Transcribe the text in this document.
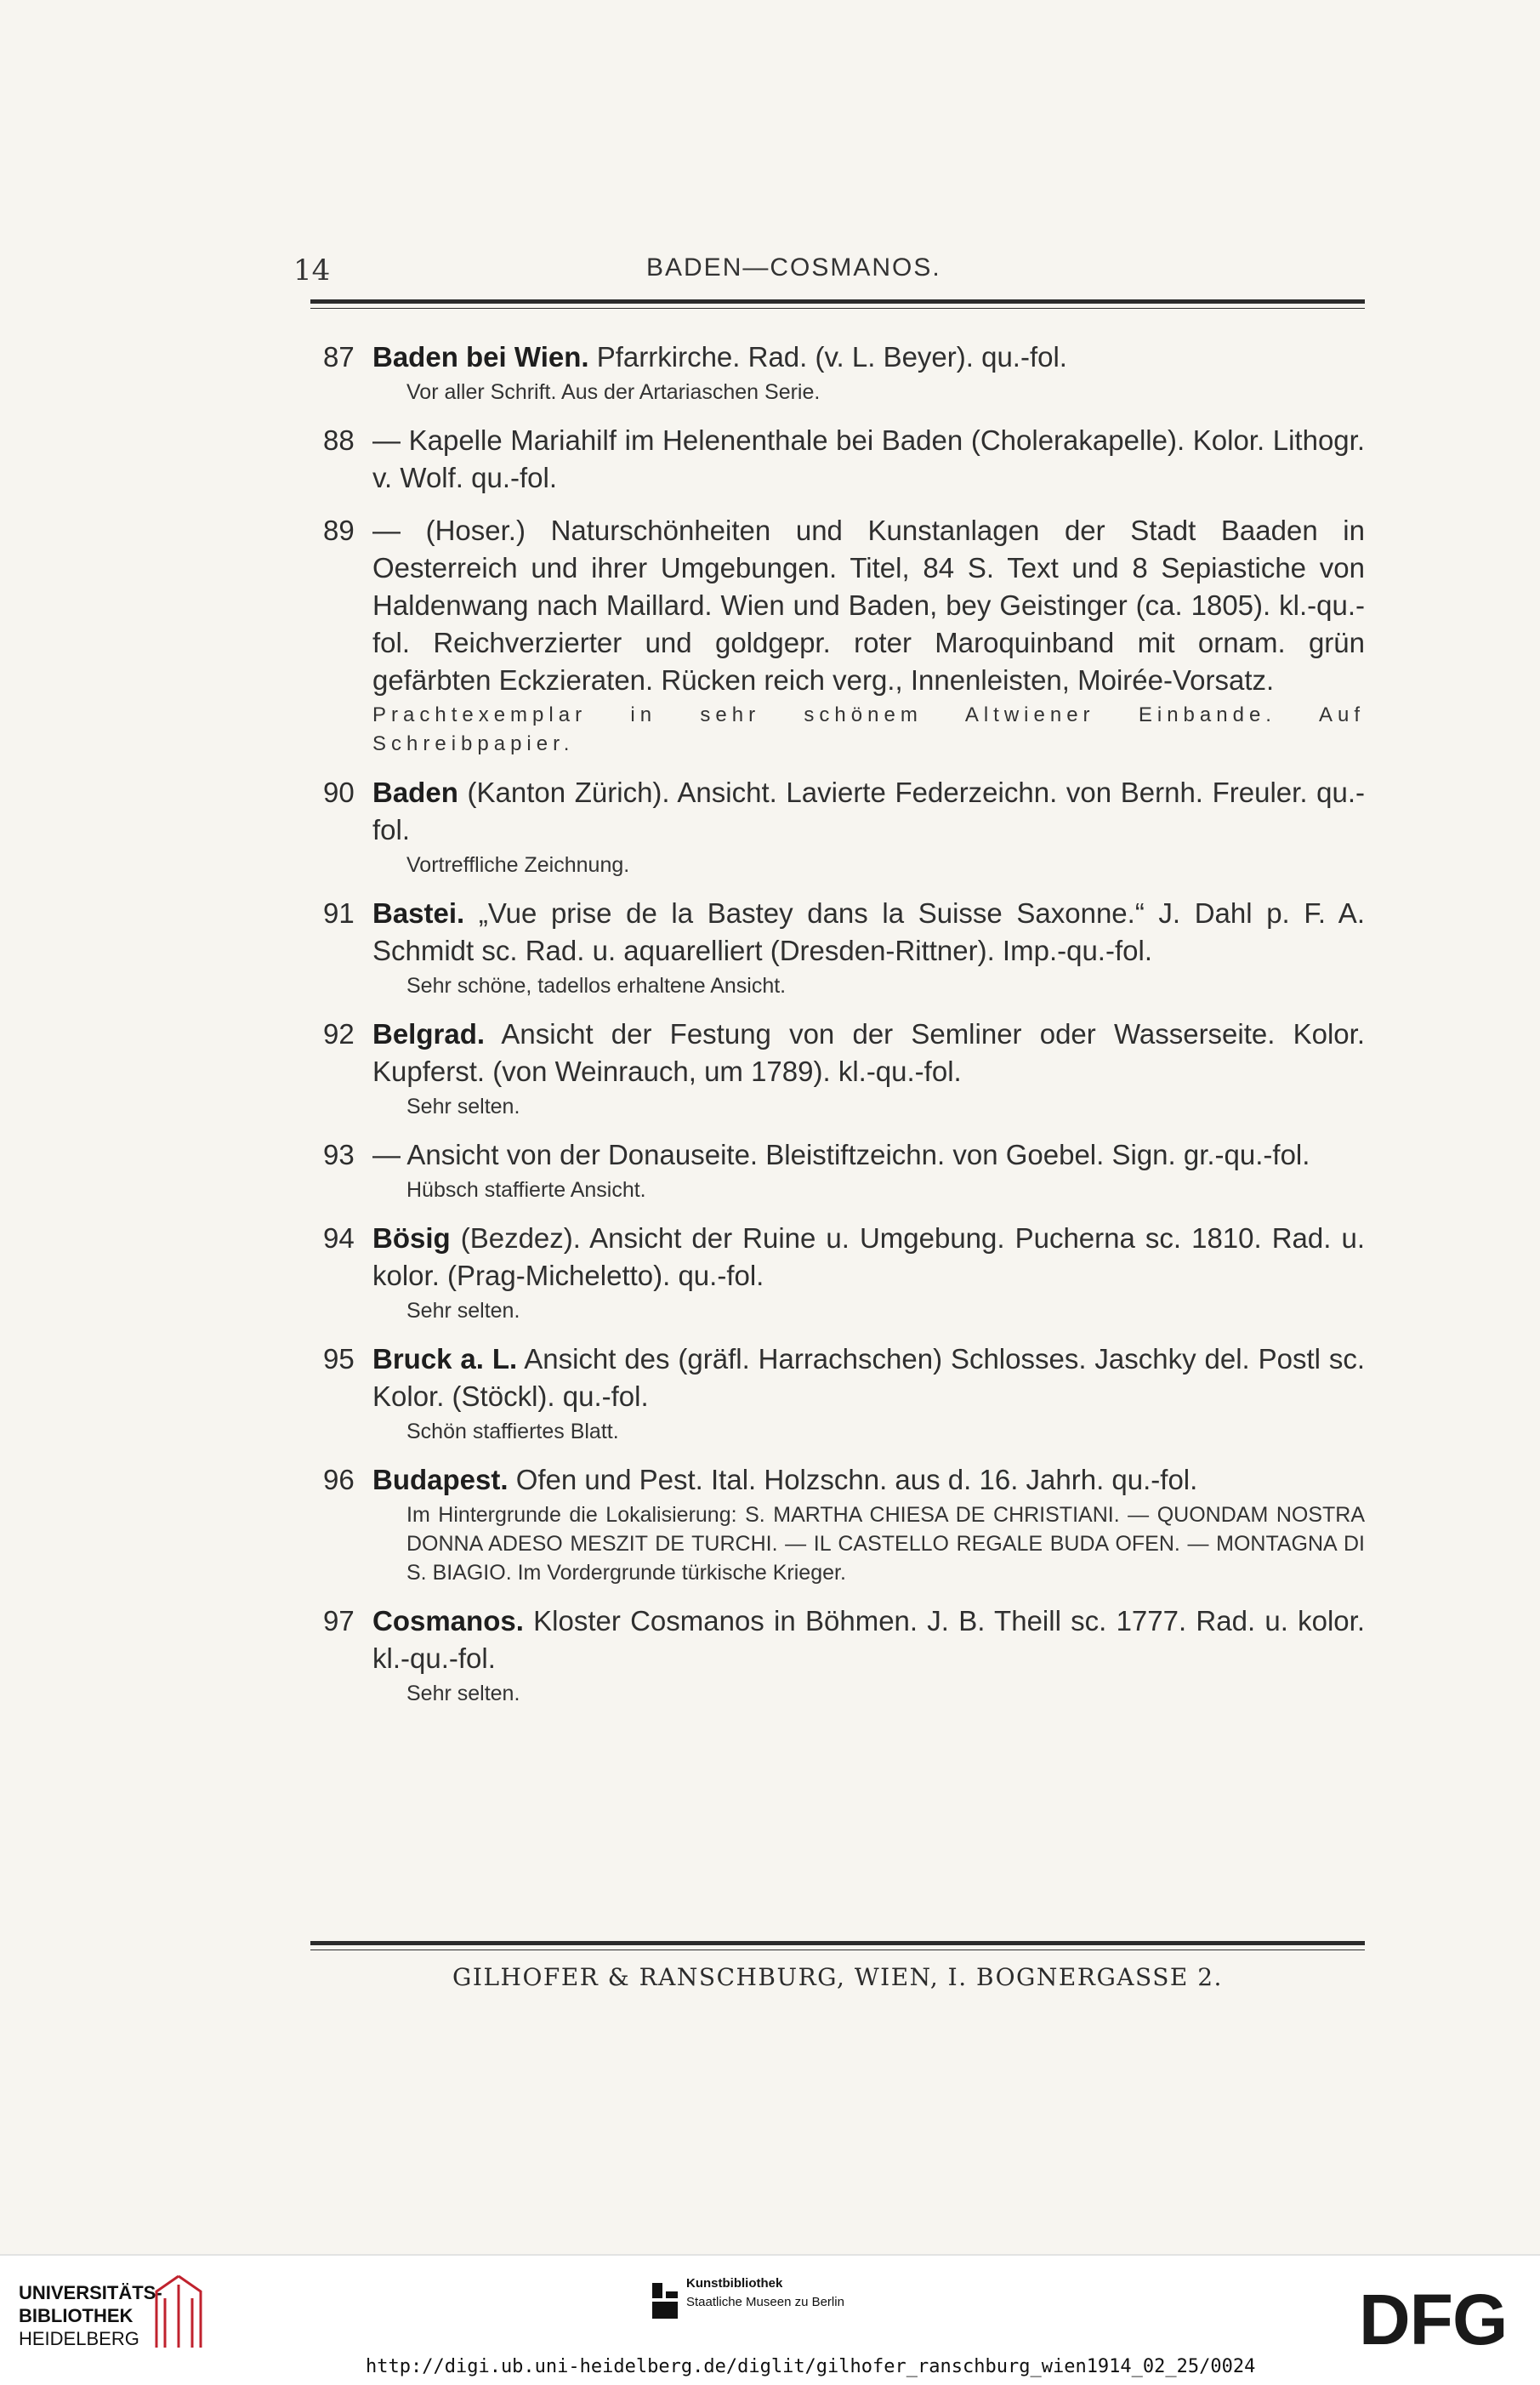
14	BADEN—COSMANOS.
87 Baden bei Wien. Pfarrkirche. Rad. (v. L. Beyer). qu.-fol.
Vor aller Schrift. Aus der Artariaschen Serie.
88 — Kapelle Mariahilf im Helenenthale bei Baden (Cholerakapelle). Kolor. Lithogr. v. Wolf. qu.-fol.
89 — (Hoser.) Naturschönheiten und Kunstanlagen der Stadt Baaden in Oesterreich und ihrer Umgebungen. Titel, 84 S. Text und 8 Sepiastiche von Haldenwang nach Maillard. Wien und Baden, bey Geistinger (ca. 1805). kl.-qu.-fol. Reichverzierter und goldgepr. roter Maroquinband mit ornam. grün gefärbten Eckzieraten. Rücken reich verg., Innenleisten, Moirée-Vorsatz.
Prachtexemplar in sehr schönem Altwiener Einbande. Auf Schreibpapier.
90 Baden (Kanton Zürich). Ansicht. Lavierte Federzeichn. von Bernh. Freuler. qu.-fol.
Vortreffliche Zeichnung.
91 Bastei. „Vue prise de la Bastey dans la Suisse Saxonne.“ J. Dahl p. F. A. Schmidt sc. Rad. u. aquarelliert (Dresden-Rittner). Imp.-qu.-fol.
Sehr schöne, tadellos erhaltene Ansicht.
92 Belgrad. Ansicht der Festung von der Semliner oder Wasserseite. Kolor. Kupferst. (von Weinrauch, um 1789). kl.-qu.-fol.
Sehr selten.
93 — Ansicht von der Donauseite. Bleistiftzeichn. von Goebel. Sign. gr.-qu.-fol.
Hübsch staffierte Ansicht.
94 Bösig (Bezdez). Ansicht der Ruine u. Umgebung. Pucherna sc. 1810. Rad. u. kolor. (Prag-Micheletto). qu.-fol.
Sehr selten.
95 Bruck a. L. Ansicht des (gräfl. Harrachschen) Schlosses. Jaschky del. Postl sc. Kolor. (Stöckl). qu.-fol.
Schön staffiertes Blatt.
96 Budapest. Ofen und Pest. Ital. Holzschn. aus d. 16. Jahrh. qu.-fol.
Im Hintergrunde die Lokalisierung: S. MARTHA CHIESA DE CHRISTIANI. — QUONDAM NOSTRA DONNA ADESO MESZIT DE TURCHI. — IL CASTELLO REGALE BUDA OFEN. — MONTAGNA DI S. BIAGIO. Im Vordergrunde türkische Krieger.
97 Cosmanos. Kloster Cosmanos in Böhmen. J. B. Theill sc. 1777. Rad. u. kolor. kl.-qu.-fol.
Sehr selten.
GILHOFER & RANSCHBURG, WIEN, I. BOGNERGASSE 2.
UNIVERSITÄTS-
BIBLIOTHEK
HEIDELBERG
Kunstbibliothek
Staatliche Museen zu Berlin	DFG
http://digi.ub.uni-heidelberg.de/diglit/gilhofer_ranschburg_wien1914_02_25/0024
